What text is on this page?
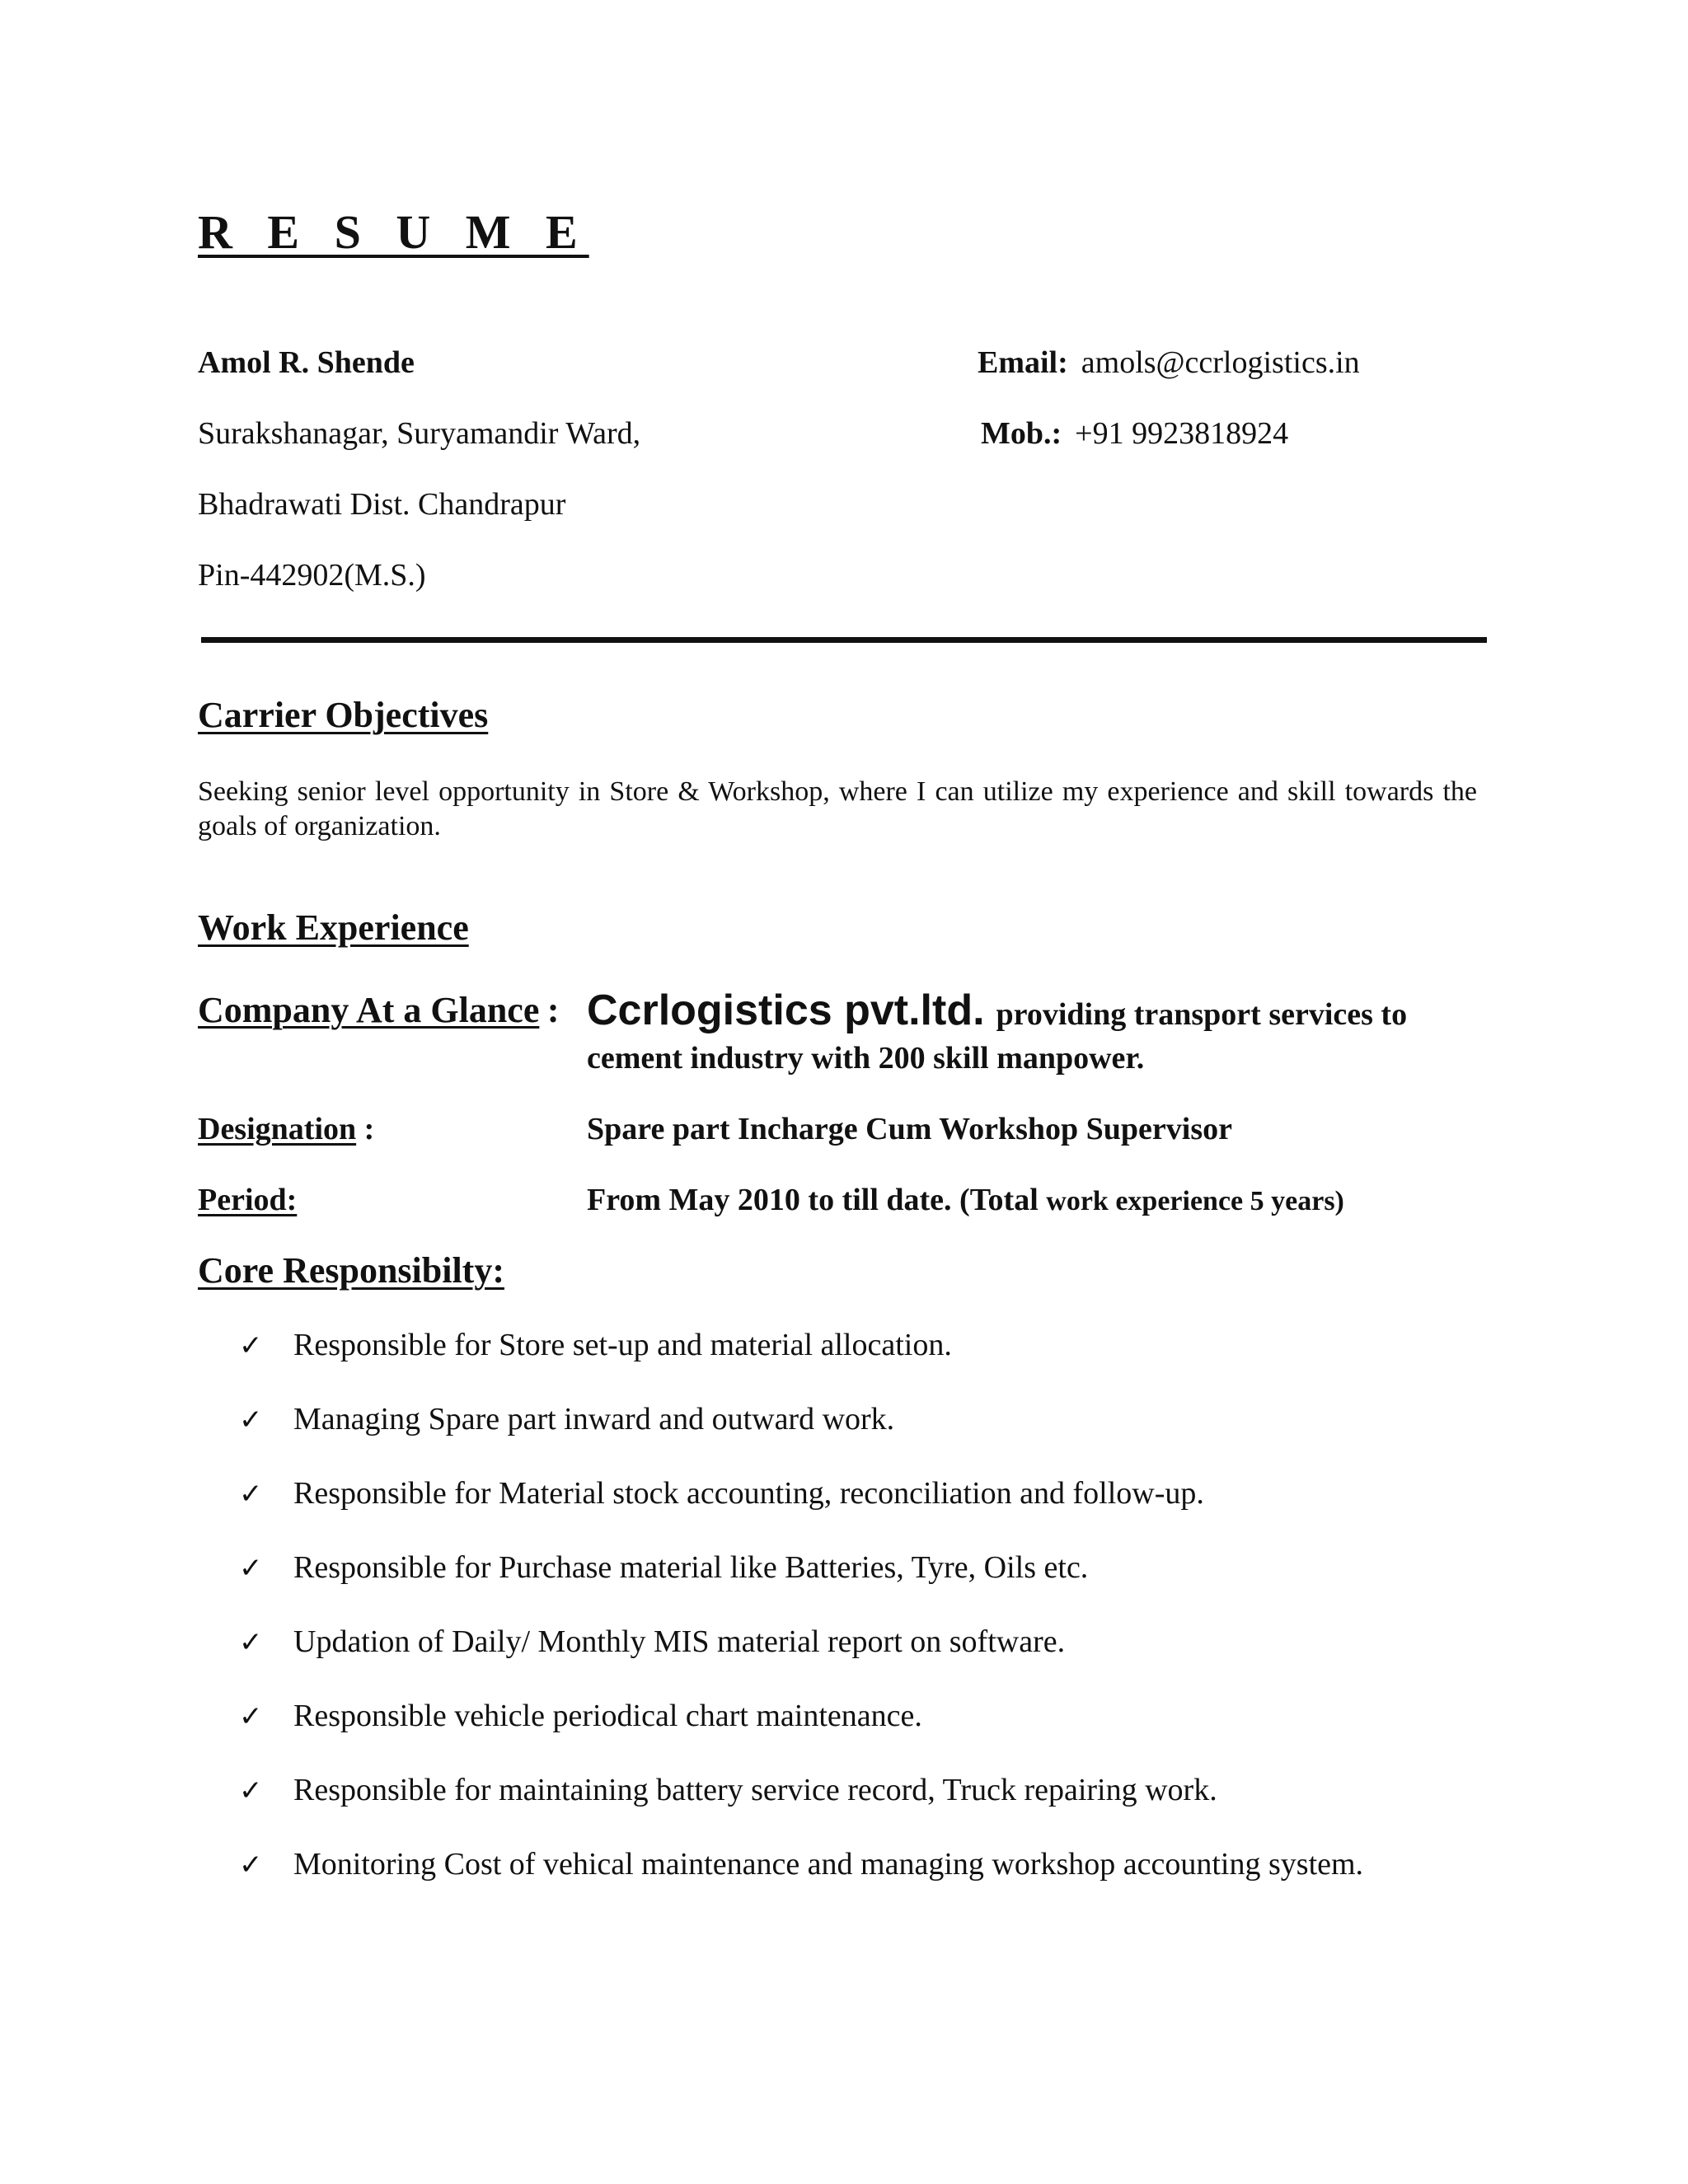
R E S U M E
Amol R. Shende
Surakshanagar, Suryamandir Ward,
Bhadrawati Dist. Chandrapur
Pin-442902(M.S.)
Email: amols@ccrlogistics.in
Mob.: +91 9923818924
Carrier Objectives
Seeking senior level opportunity in Store & Workshop, where I can utilize my experience and skill towards the goals of organization.
Work Experience
Company At a Glance : Ccrlogistics pvt.ltd. providing transport services to
cement industry with 200 skill manpower.
Designation :	Spare part Incharge Cum Workshop Supervisor
Period:	From May 2010 to till date. (Total work experience 5 years)
Core Responsibilty:
✓ Responsible for Store set-up and material allocation.
✓ Managing Spare part inward and outward work.
✓ Responsible for Material stock accounting, reconciliation and follow-up.
✓ Responsible for Purchase material like Batteries, Tyre, Oils etc.
✓ Updation of Daily/ Monthly MIS material report on software.
✓ Responsible vehicle periodical chart maintenance.
✓ Responsible for maintaining battery service record, Truck repairing work.
✓ Monitoring Cost of vehical maintenance and managing workshop accounting system.
